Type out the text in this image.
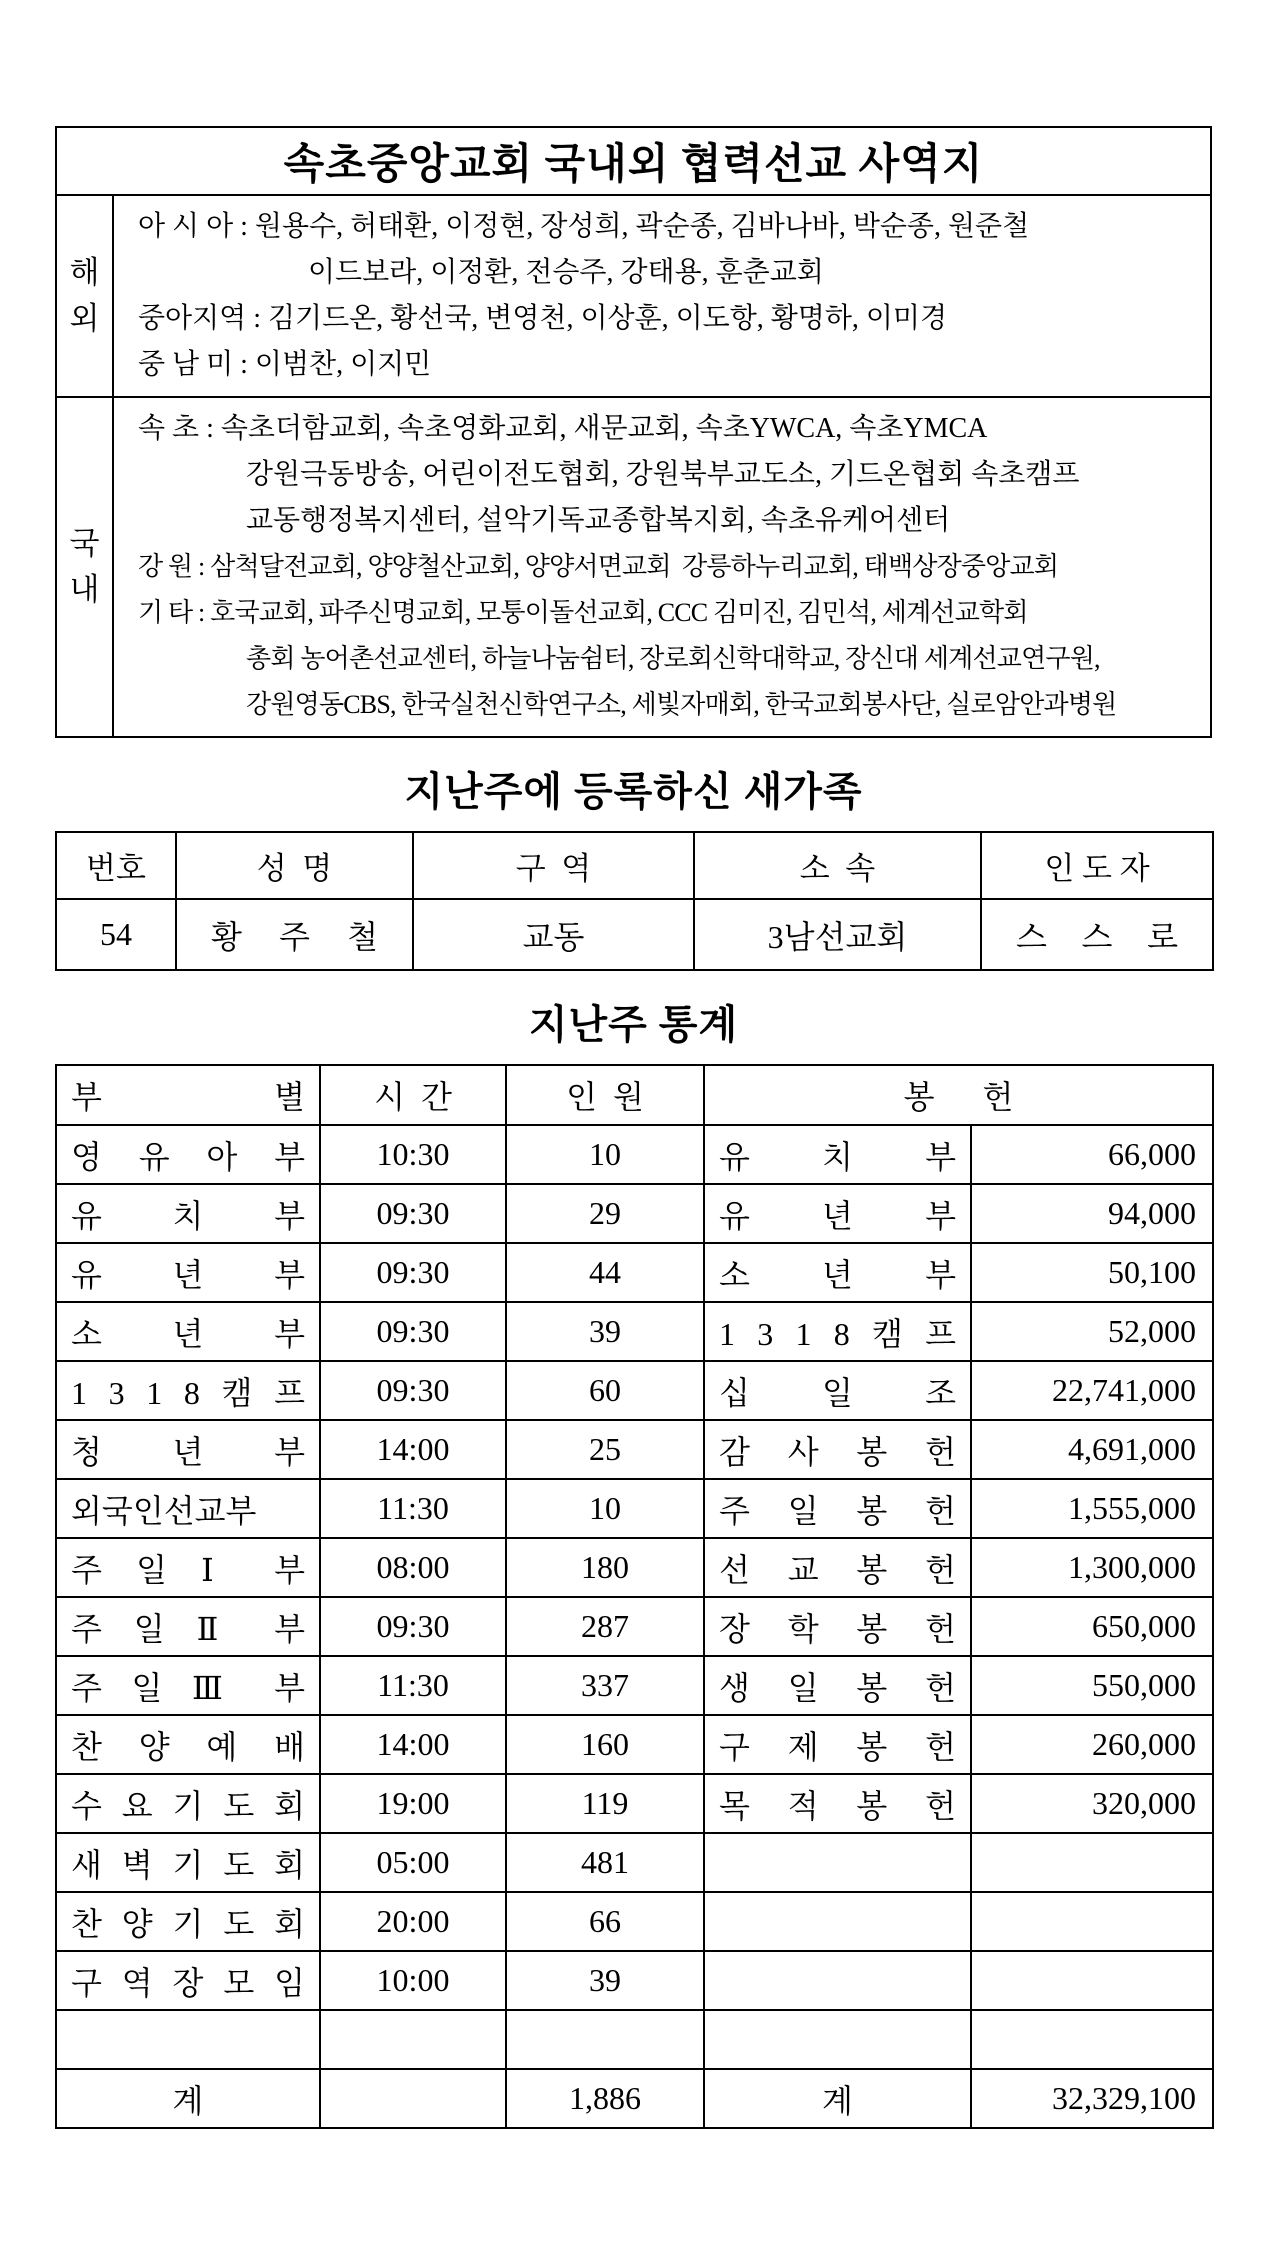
속초중앙교회 국내외 협력선교 사역지	
해외	아 시 아 : 원용수, 허태환, 이정현, 장성희, 곽순종, 김바나바, 박순종, 원준철
이드보라, 이정환, 전승주, 강태용, 훈춘교회
중아지역 : 김기드온, 황선국, 변영천, 이상훈, 이도항, 황명하, 이미경
중 남 미 : 이범찬, 이지민

국내	
속 초 : 속초더함교회, 속초영화교회, 새문교회, 속초YWCA, 속초YMCA
강원극동방송, 어린이전도협회, 강원북부교도소, 기드온협회 속초캠프
교동행정복지센터, 설악기독교종합복지회, 속초유케어센터
강 원 : 삼척달전교회, 양양철산교회, 양양서면교회  강릉하누리교회, 태백상장중앙교회
기 타 : 호국교회, 파주신명교회, 모퉁이돌선교회, CCC 김미진, 김민석, 세계선교학회
총회 농어촌선교센터, 하늘나눔쉼터, 장로회신학대학교, 장신대 세계선교연구원,
강원영동CBS, 한국실천신학연구소, 세빛자매회, 한국교회봉사단, 실로암안과병원
지난주에 등록하신 새가족
번호	성  명	구  역	소  속	인 도 자
54	황 주 철	교동	3남선교회	스 스 로
지난주 통계
부 별	시  간	인  원	봉      헌	
영 유 아 부	10:30	10	유 치 부	66,000
유 치 부	09:30	29	유 년 부	94,000
유 년 부	09:30	44	소 년 부	50,100
소 년 부	09:30	39	1 3 1 8 캠 프	52,000
1 3 1 8 캠 프	09:30	60	십 일 조	22,741,000
청 년 부	14:00	25	감 사 봉 헌	4,691,000
외국인선교부	11:30	10	주 일 봉 헌	1,555,000
주 일 Ⅰ 부	08:00	180	선 교 봉 헌	1,300,000
주 일 Ⅱ 부	09:30	287	장 학 봉 헌	650,000
주 일 Ⅲ 부	11:30	337	생 일 봉 헌	550,000
찬 양 예 배	14:00	160	구 제 봉 헌	260,000
수 요 기 도 회	19:00	119	목 적 봉 헌	320,000
새 벽 기 도 회	05:00	481		
찬 양 기 도 회	20:00	66		
구 역 장 모 임	10:00	39		

계		1,886	계	32,329,100
